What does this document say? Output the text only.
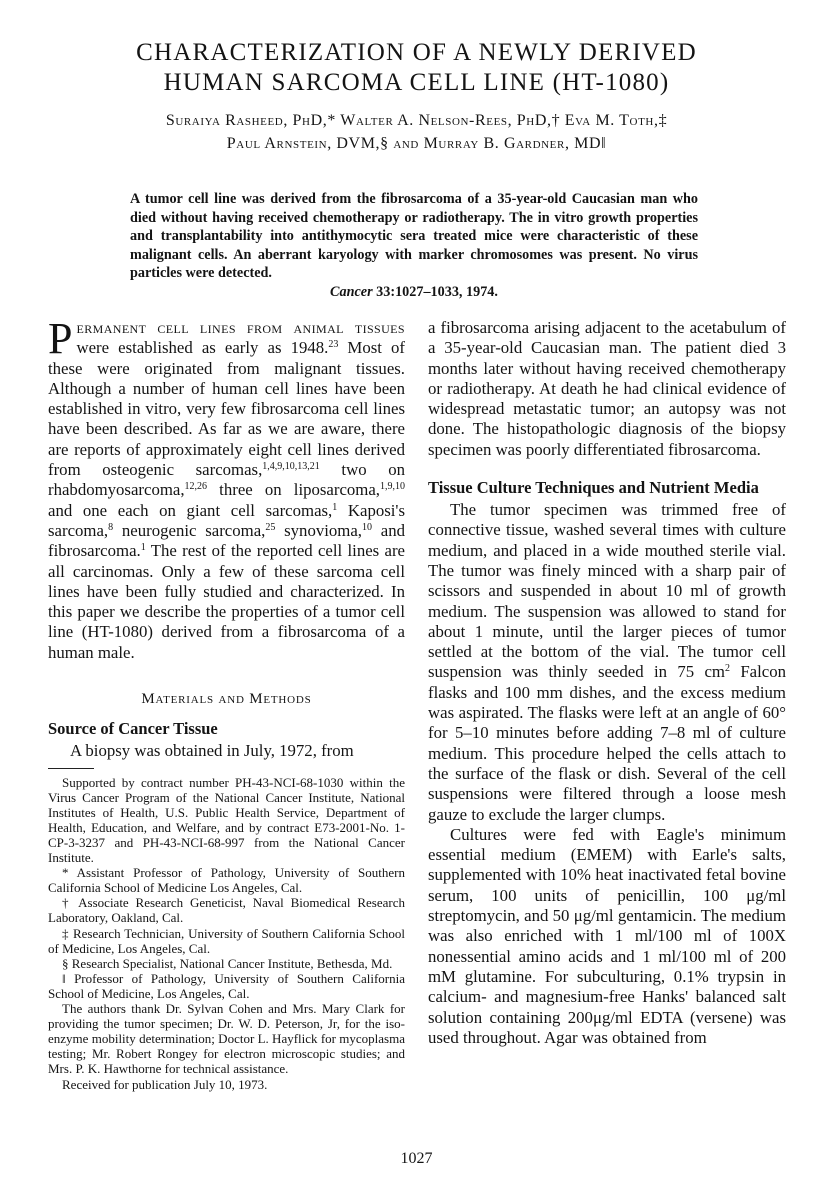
CHARACTERIZATION OF A NEWLY DERIVED
HUMAN SARCOMA CELL LINE (HT-1080)
Suraiya Rasheed, PhD,* Walter A. Nelson-Rees, PhD,† Eva M. Toth,‡
Paul Arnstein, DVM,§ and Murray B. Gardner, MD‖
A tumor cell line was derived from the fibrosarcoma of a 35-year-old Caucasian man who died without having received chemotherapy or radiotherapy. The in vitro growth properties and transplantability into antithymocytic sera treated mice were characteristic of these malignant cells. An aberrant karyology with marker chromosomes was present. No virus particles were detected.
Cancer 33:1027–1033, 1974.

Permanent cell lines from animal tissues were established as early as 1948.23 Most of these were originated from malignant tissues. Although a number of human cell lines have been established in vitro, very few fibrosarcoma cell lines have been described. As far as we are aware, there are reports of approximately eight cell lines derived from osteogenic sarcomas,$^{1,4,9,10,13,21}$ two on rhabdomyosarcoma,$^{12,26}$ three on liposarcoma,$^{1,9,10}$ and one each on giant cell sarcomas,$^1$ Kaposi's sarcoma,$^8$ neurogenic sarcoma,$^{25}$ synovioma,$^{10}$ and fibrosarcoma.$^1$ The rest of the reported cell lines are all carcinomas. Only a few of these sarcoma cell lines have been fully studied and characterized. In this paper we describe the properties of a tumor cell line (HT-1080) derived from a fibrosarcoma of a human male.

Materials and Methods
Source of Cancer Tissue

A biopsy was obtained in July, 1972, from

Supported by contract number PH-43-NCI-68-1030 within the Virus Cancer Program of the National Cancer Institute, National Institutes of Health, U.S. Public Health Service, Department of Health, Education, and Welfare, and by contract E73-2001-No. 1-CP-3-3237 and PH-43-NCI-68-997 from the National Cancer Institute.

* Assistant Professor of Pathology, University of Southern California School of Medicine Los Angeles, Cal.

† Associate Research Geneticist, Naval Biomedical Research Laboratory, Oakland, Cal.

‡ Research Technician, University of Southern California School of Medicine, Los Angeles, Cal.

§ Research Specialist, National Cancer Institute, Bethesda, Md.

‖ Professor of Pathology, University of Southern California School of Medicine, Los Angeles, Cal.

The authors thank Dr. Sylvan Cohen and Mrs. Mary Clark for providing the tumor specimen; Dr. W. D. Peterson, Jr, for the iso-enzyme mobility determination; Doctor L. Hayflick for mycoplasma testing; Mr. Robert Rongey for electron microscopic studies; and Mrs. P. K. Hawthorne for technical assistance.

Received for publication July 10, 1973.

a fibrosarcoma arising adjacent to the acetabulum of a 35-year-old Caucasian man. The patient died 3 months later without having received chemotherapy or radiotherapy. At death he had clinical evidence of widespread metastatic tumor; an autopsy was not done. The histopathologic diagnosis of the biopsy specimen was poorly differentiated fibrosarcoma.

Tissue Culture Techniques and Nutrient Media

The tumor specimen was trimmed free of connective tissue, washed several times with culture medium, and placed in a wide mouthed sterile vial. The tumor was finely minced with a sharp pair of scissors and suspended in about 10 ml of growth medium. The suspension was allowed to stand for about 1 minute, until the larger pieces of tumor settled at the bottom of the vial. The tumor cell suspension was thinly seeded in 75 $cm^2$ Falcon flasks and 100 mm dishes, and the excess medium was aspirated. The flasks were left at an angle of 60° for 5–10 minutes before adding 7–8 ml of culture medium. This procedure helped the cells attach to the surface of the flask or dish. Several of the cell suspensions were filtered through a loose mesh gauze to exclude the larger clumps.

Cultures were fed with Eagle's minimum essential medium (EMEM) with Earle's salts, supplemented with 10% heat inactivated fetal bovine serum, 100 units of penicillin, 100 μg/ml streptomycin, and 50 μg/ml gentamicin. The medium was also enriched with 1 ml/100 ml of 100X nonessential amino acids and 1 ml/100 ml of 200 mM glutamine. For subculturing, 0.1% trypsin in calcium- and magnesium-free Hanks' balanced salt solution containing 200μg/ml EDTA (versene) was used throughout. Agar was obtained from

1027
